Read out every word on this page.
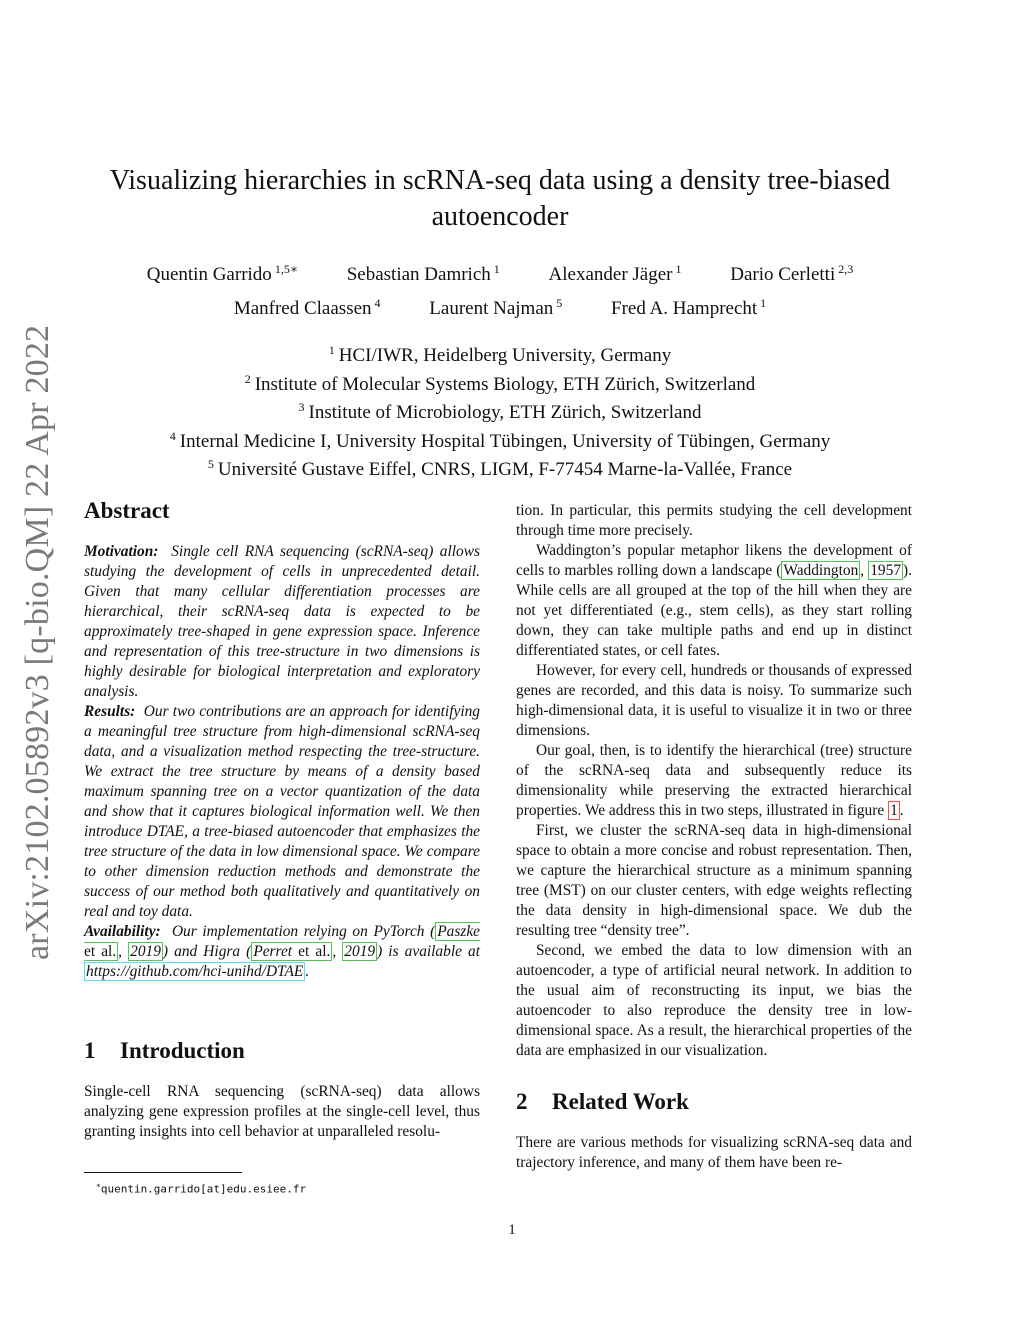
arXiv:2102.05892v3 [q-bio.QM] 22 Apr 2022
Visualizing hierarchies in scRNA-seq data using a density tree-biased
autoencoder
Quentin Garrido $^{1,5∗}$	Sebastian Damrich $^1$	Alexander Jäger $^1$	Dario Cerletti $^{2,3}$
Manfred Claassen $^4$	Laurent Najman $^5$	Fred A. Hamprecht $^1$
$^1$ HCI/IWR, Heidelberg University, Germany
$^2$ Institute of Molecular Systems Biology, ETH Zürich, Switzerland
$^3$ Institute of Microbiology, ETH Zürich, Switzerland
$^4$ Internal Medicine I, University Hospital Tübingen, University of Tübingen, Germany
$^5$ Université Gustave Eiffel, CNRS, LIGM, F-77454 Marne-la-Vallée, France
Abstract

Motivation: Single cell RNA sequencing (scRNA-seq) allows studying the development of cells in unprecedented detail. Given that many cellular differentiation processes are hierarchical, their scRNA-seq data is expected to be approximately tree-shaped in gene expression space. Inference and representation of this tree-structure in two dimensions is highly desirable for biological interpretation and exploratory analysis.

Results: Our two contributions are an approach for identifying a meaningful tree structure from high-dimensional scRNA-seq data, and a visualization method respecting the tree-structure. We extract the tree structure by means of a density based maximum spanning tree on a vector quantization of the data and show that it captures biological information well. We then introduce DTAE, a tree-biased autoencoder that emphasizes the tree structure of the data in low dimensional space. We compare to other dimension reduction methods and demonstrate the success of our method both qualitatively and quantitatively on real and toy data.

Availability: Our implementation relying on PyTorch ( Paszke et al. , 2019 ) and Higra ( Perret et al. , 2019 ) is available at https://github.com/hci-unihd/DTAE .

1 Introduction

Single-cell RNA sequencing (scRNA-seq) data allows analyzing gene expression profiles at the single-cell level, thus granting insights into cell behavior at unparalleled resolu-

tion. In particular, this permits studying the cell development through time more precisely.

Waddington’s popular metaphor likens the development of cells to marbles rolling down a landscape ( Waddington , 1957 ). While cells are all grouped at the top of the hill when they are not yet differentiated (e.g., stem cells), as they start rolling down, they can take multiple paths and end up in distinct differentiated states, or cell fates.

However, for every cell, hundreds or thousands of expressed genes are recorded, and this data is noisy. To summarize such high-dimensional data, it is useful to visualize it in two or three dimensions.

Our goal, then, is to identify the hierarchical (tree) structure of the scRNA-seq data and subsequently reduce its dimensionality while preserving the extracted hierarchical properties. We address this in two steps, illustrated in figure 1 .

First, we cluster the scRNA-seq data in high-dimensional space to obtain a more concise and robust representation. Then, we capture the hierarchical structure as a minimum spanning tree (MST) on our cluster centers, with edge weights reflecting the data density in high-dimensional space. We dub the resulting tree “density tree”.

Second, we embed the data to low dimension with an autoencoder, a type of artificial neural network. In addition to the usual aim of reconstructing its input, we bias the autoencoder to also reproduce the density tree in low-dimensional space. As a result, the hierarchical properties of the data are emphasized in our visualization.

2 Related Work

There are various methods for visualizing scRNA-seq data and trajectory inference, and many of them have been re-

∗quentin.garrido[at]edu.esiee.fr
1
